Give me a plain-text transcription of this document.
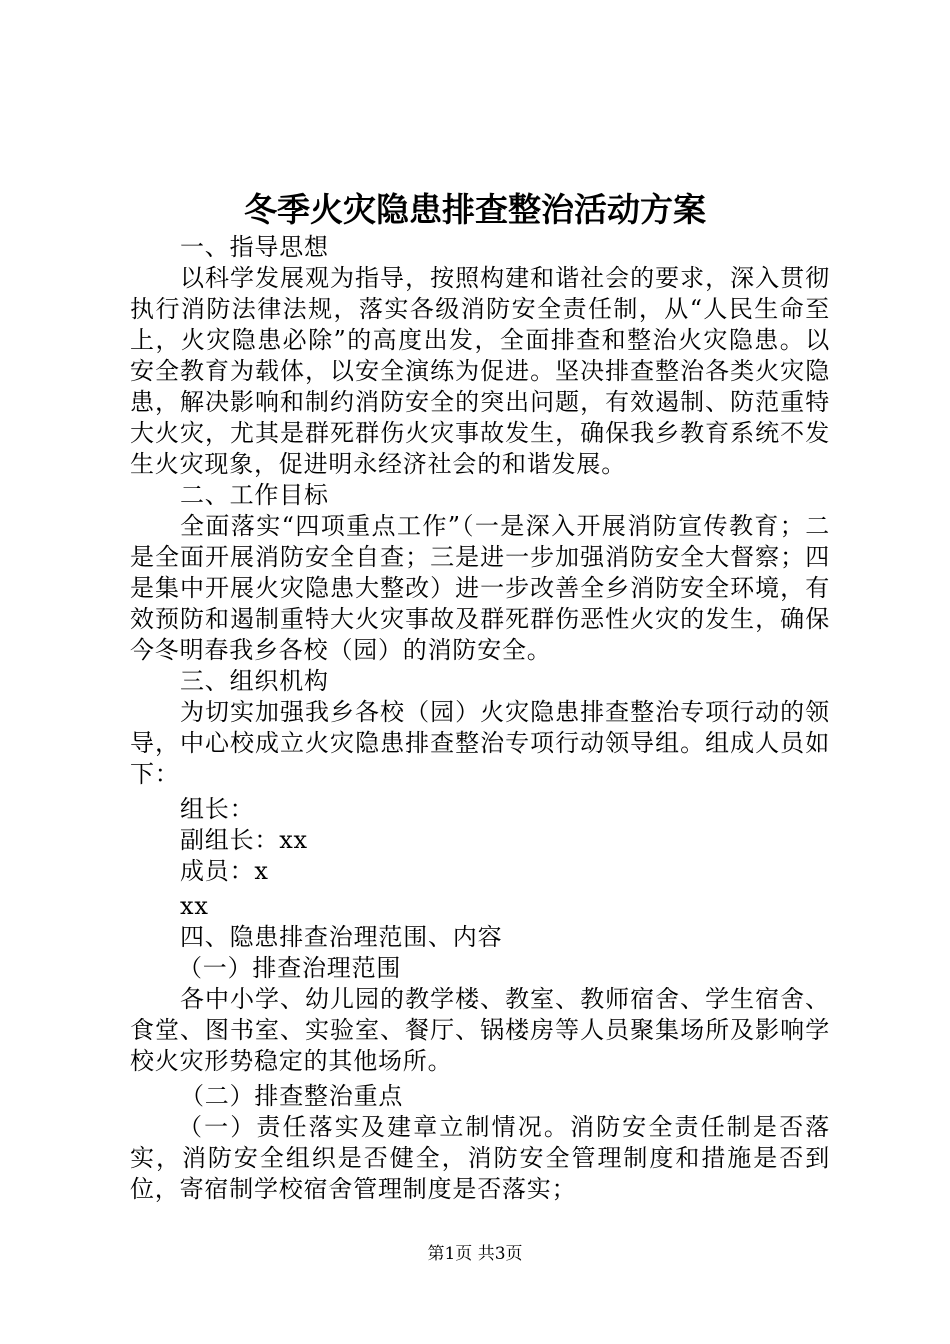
冬季火灾隐患排查整治活动方案

一、指导思想

以科学发展观为指导，按照构建和谐社会的要求，深入贯彻执行消防法律法规，落实各级消防安全责任制，从“人民生命至上，火灾隐患必除”的高度出发，全面排查和整治火灾隐患。以安全教育为载体，以安全演练为促进。坚决排查整治各类火灾隐患，解决影响和制约消防安全的突出问题，有效遏制、防范重特大火灾，尤其是群死群伤火灾事故发生，确保我乡教育系统不发生火灾现象，促进明永经济社会的和谐发展。

二、工作目标

全面落实“四项重点工作”（一是深入开展消防宣传教育；二是全面开展消防安全自查；三是进一步加强消防安全大督察；四是集中开展火灾隐患大整改）进一步改善全乡消防安全环境，有效预防和遏制重特大火灾事故及群死群伤恶性火灾的发生，确保今冬明春我乡各校（园）的消防安全。

三、组织机构

为切实加强我乡各校（园）火灾隐患排查整治专项行动的领导，中心校成立火灾隐患排查整治专项行动领导组。组成人员如下：

组长：

副组长：xx

成员：x

xx

四、隐患排查治理范围、内容

（一）排查治理范围

各中小学、幼儿园的教学楼、教室、教师宿舍、学生宿舍、食堂、图书室、实验室、餐厅、锅楼房等人员聚集场所及影响学校火灾形势稳定的其他场所。

（二）排查整治重点

（一）责任落实及建章立制情况。消防安全责任制是否落实，消防安全组织是否健全，消防安全管理制度和措施是否到位，寄宿制学校宿舍管理制度是否落实；

第1页 共3页
